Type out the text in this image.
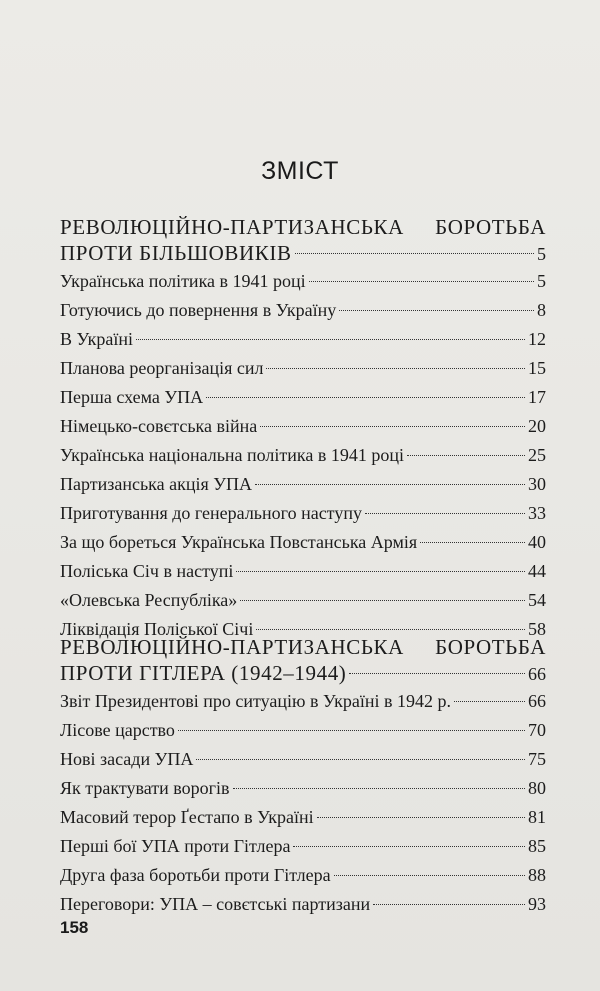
ЗМІСТ
РЕВОЛЮЦІЙНО-ПАРТИЗАНСЬКА БОРОТЬБА
ПРОТИ БІЛЬШОВИКІВ	5
Українська політика в 1941 році	5
Готуючись до повернення в Україну	8
В Україні	12
Планова реорганізація сил	15
Перша схема УПА	17
Німецько-совєтська війна	20
Українська національна політика в 1941 році	25
Партизанська акція УПА	30
Приготування до генерального наступу	33
За що бореться Українська Повстанська Армія	40
Поліська Січ в наступі	44
«Олевська Республіка»	54
Ліквідація Поліської Січі	58
РЕВОЛЮЦІЙНО-ПАРТИЗАНСЬКА БОРОТЬБА
ПРОТИ ГІТЛЕРА (1942–1944)	66
Звіт Президентові про ситуацію в Україні в 1942 р.	66
Лісове царство	70
Нові засади УПА	75
Як трактувати ворогів	80
Масовий терор Ґестапо в Україні	81
Перші бої УПА проти Гітлера	85
Друга фаза боротьби проти Гітлера	88
Переговори: УПА – совєтські партизани	93
158
